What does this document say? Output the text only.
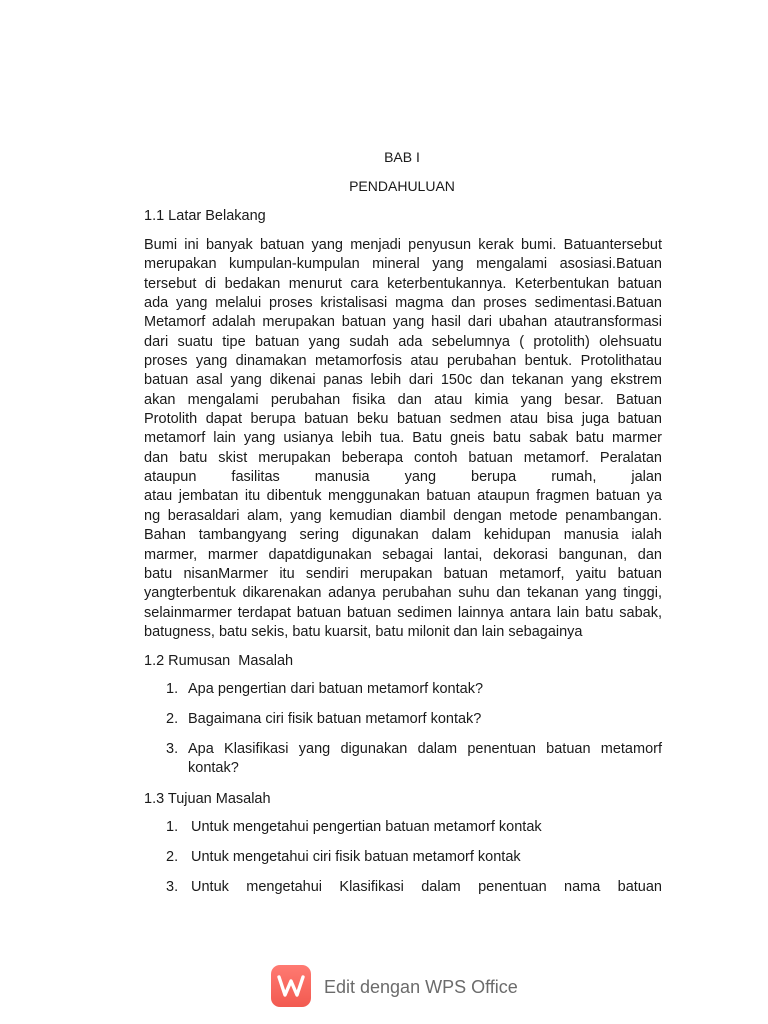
BAB I
PENDAHULUAN
1.1 Latar Belakang
Bumi ini banyak batuan yang menjadi penyusun kerak bumi. Batuantersebut
merupakan kumpulan-kumpulan mineral yang mengalami asosiasi.Batuan
tersebut di bedakan menurut cara keterbentukannya. Keterbentukan batuan
ada yang melalui proses kristalisasi magma dan proses sedimentasi.Batuan
Metamorf adalah merupakan batuan yang hasil dari ubahan atautransformasi
dari suatu tipe batuan yang sudah ada sebelumnya ( protolith) olehsuatu
proses yang dinamakan metamorfosis atau perubahan bentuk. Protolithatau
batuan asal yang dikenai panas lebih dari 150c dan tekanan yang ekstrem
akan mengalami perubahan fisika dan atau kimia yang besar. Batuan
Protolith dapat berupa batuan beku batuan sedmen atau bisa juga batuan
metamorf lain yang usianya lebih tua. Batu gneis batu sabak batu marmer
dan batu skist merupakan beberapa contoh batuan metamorf. Peralatan
ataupun fasilitas manusia yang berupa rumah, jalan
atau jembatan itu dibentuk menggunakan batuan ataupun fragmen batuan ya
ng berasaldari alam, yang kemudian diambil dengan metode penambangan.
Bahan tambangyang sering digunakan dalam kehidupan manusia ialah
marmer, marmer dapatdigunakan sebagai lantai, dekorasi bangunan, dan
batu nisanMarmer itu sendiri merupakan batuan metamorf, yaitu batuan
yangterbentuk dikarenakan adanya perubahan suhu dan tekanan yang tinggi,
selainmarmer terdapat batuan batuan sedimen lainnya antara lain batu sabak,
batugness, batu sekis, batu kuarsit, batu milonit dan lain sebagainya
1.2 Rumusan  Masalah
1. Apa pengertian dari batuan metamorf kontak?
2. Bagaimana ciri fisik batuan metamorf kontak?
3. Apa Klasifikasi yang digunakan dalam penentuan batuan metamorf kontak?
1.3 Tujuan Masalah
1. Untuk mengetahui pengertian batuan metamorf kontak
2. Untuk mengetahui ciri fisik batuan metamorf kontak
3. Untuk mengetahui Klasifikasi dalam penentuan nama batuan
Edit dengan WPS Office
